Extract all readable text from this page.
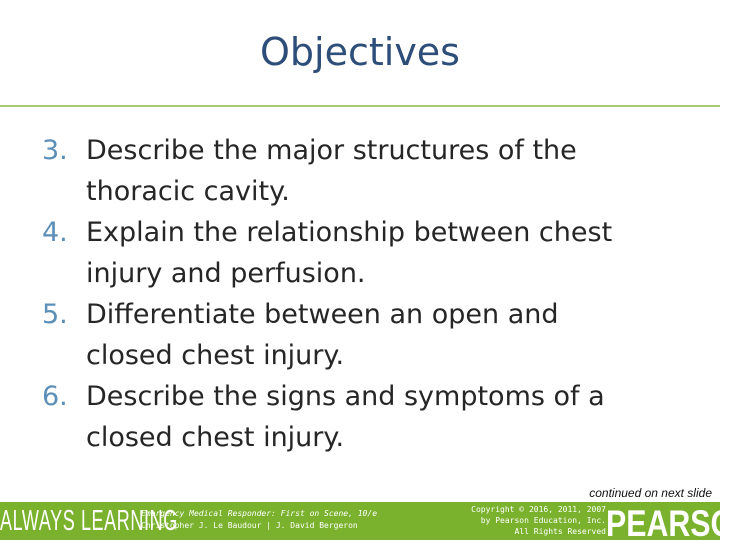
Objectives
3. Describe the major structures of the
thoracic cavity.
4. Explain the relationship between chest
injury and perfusion.
5. Differentiate between an open and
closed chest injury.
6. Describe the signs and symptoms of a
closed chest injury.
continued on next slide
ALWAYS LEARNING
Emergency Medical Responder: First on Scene, 10/e
Christopher J. Le Baudour | J. David Bergeron
Copyright © 2016, 2011, 2007
by Pearson Education, Inc.
All Rights Reserved PEARSON
